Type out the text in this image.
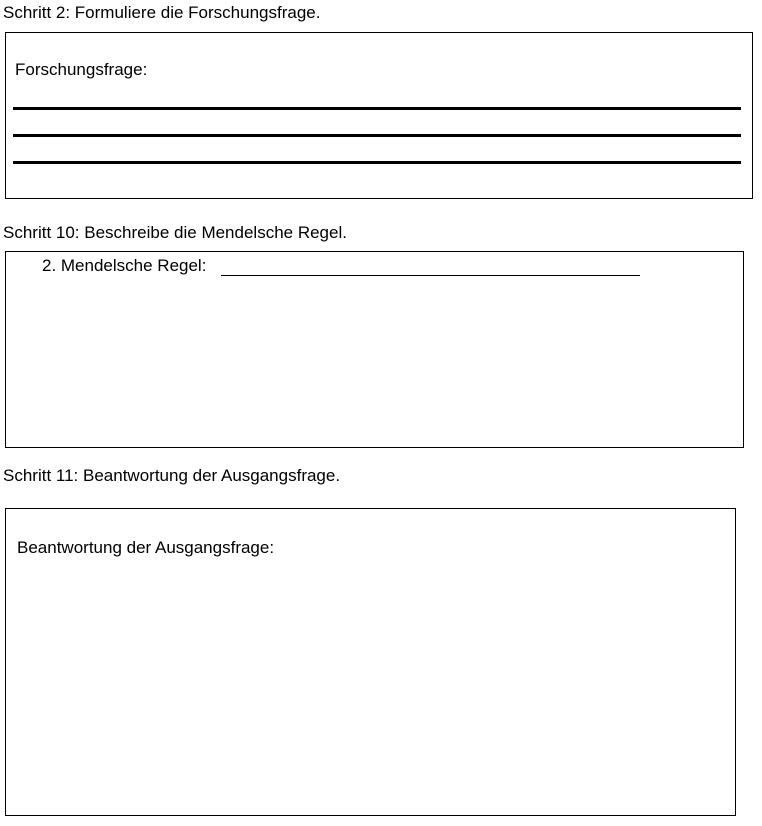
Schritt 2: Formuliere die Forschungsfrage.
Forschungsfrage:
Schritt 10: Beschreibe die Mendelsche Regel.
2. Mendelsche Regel:
Schritt 11: Beantwortung der Ausgangsfrage.
Beantwortung der Ausgangsfrage:
